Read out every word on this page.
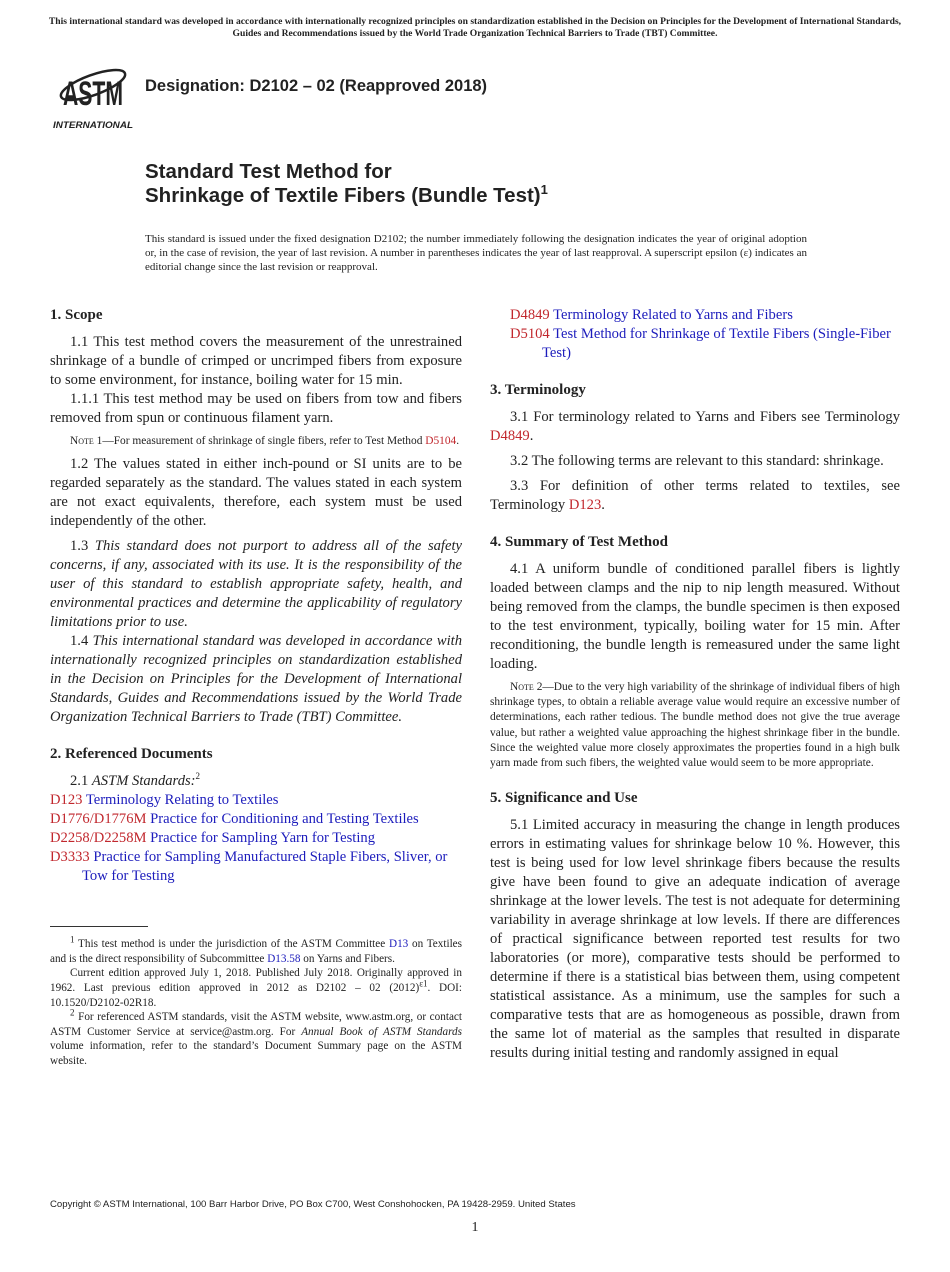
This international standard was developed in accordance with internationally recognized principles on standardization established in the Decision on Principles for the Development of International Standards, Guides and Recommendations issued by the World Trade Organization Technical Barriers to Trade (TBT) Committee.
ASTM
INTERNATIONAL
Designation: D2102 – 02 (Reapproved 2018)
Standard Test Method for
Shrinkage of Textile Fibers (Bundle Test)$^1$
This standard is issued under the fixed designation D2102; the number immediately following the designation indicates the year of original adoption or, in the case of revision, the year of last revision. A number in parentheses indicates the year of last reapproval. A superscript epsilon (ε) indicates an editorial change since the last revision or reapproval.
1. Scope
1.1 This test method covers the measurement of the unrestrained shrinkage of a bundle of crimped or uncrimped fibers from exposure to some environment, for instance, boiling water for 15 min.
1.1.1 This test method may be used on fibers from tow and fibers removed from spun or continuous filament yarn.
Note 1—For measurement of shrinkage of single fibers, refer to Test Method D5104.
1.2 The values stated in either inch-pound or SI units are to be regarded separately as the standard. The values stated in each system are not exact equivalents, therefore, each system must be used independently of the other.
1.3 This standard does not purport to address all of the safety concerns, if any, associated with its use. It is the responsibility of the user of this standard to establish appropriate safety, health, and environmental practices and determine the applicability of regulatory limitations prior to use.
1.4 This international standard was developed in accordance with internationally recognized principles on standardization established in the Decision on Principles for the Development of International Standards, Guides and Recommendations issued by the World Trade Organization Technical Barriers to Trade (TBT) Committee.
2. Referenced Documents
2.1 ASTM Standards:$^2$
D123 Terminology Relating to Textiles
D1776/D1776M Practice for Conditioning and Testing Textiles
D2258/D2258M Practice for Sampling Yarn for Testing
D3333 Practice for Sampling Manufactured Staple Fibers, Sliver, or Tow for Testing
$^1$ This test method is under the jurisdiction of the ASTM Committee D13 on Textiles and is the direct responsibility of Subcommittee D13.58 on Yarns and Fibers.
Current edition approved July 1, 2018. Published July 2018. Originally approved in 1962. Last previous edition approved in 2012 as D2102 – 02 $(2012)^{\varepsilon 1}$. DOI: 10.1520/D2102-02R18.
$^2$ For referenced ASTM standards, visit the ASTM website, www.astm.org, or contact ASTM Customer Service at service@astm.org. For Annual Book of ASTM Standards volume information, refer to the standard’s Document Summary page on the ASTM website.
D4849 Terminology Related to Yarns and Fibers
D5104 Test Method for Shrinkage of Textile Fibers (Single-Fiber Test)
3. Terminology
3.1 For terminology related to Yarns and Fibers see Terminology D4849.
3.2 The following terms are relevant to this standard: shrinkage.
3.3 For definition of other terms related to textiles, see Terminology D123.
4. Summary of Test Method
4.1 A uniform bundle of conditioned parallel fibers is lightly loaded between clamps and the nip to nip length measured. Without being removed from the clamps, the bundle specimen is then exposed to the test environment, typically, boiling water for 15 min. After reconditioning, the bundle length is remeasured under the same light loading.
Note 2—Due to the very high variability of the shrinkage of individual fibers of high shrinkage types, to obtain a reliable average value would require an excessive number of determinations, each rather tedious. The bundle method does not give the true average value, but rather a weighted value approaching the highest shrinkage fiber in the bundle. Since the weighted value more closely approximates the properties found in a high bulk yarn made from such fibers, the weighted value would seem to be more appropriate.
5. Significance and Use
5.1 Limited accuracy in measuring the change in length produces errors in estimating values for shrinkage below 10 %. However, this test is being used for low level shrinkage fibers because the results give have been found to give an adequate indication of average shrinkage at the lower levels. The test is not adequate for determining variability in average shrinkage at low levels. If there are differences of practical significance between reported test results for two laboratories (or more), comparative tests should be performed to determine if there is a statistical bias between them, using competent statistical assistance. As a minimum, use the samples for such a comparative tests that are as homogeneous as possible, drawn from the same lot of material as the samples that resulted in disparate results during initial testing and randomly assigned in equal
Copyright © ASTM International, 100 Barr Harbor Drive, PO Box C700, West Conshohocken, PA 19428-2959. United States
1
